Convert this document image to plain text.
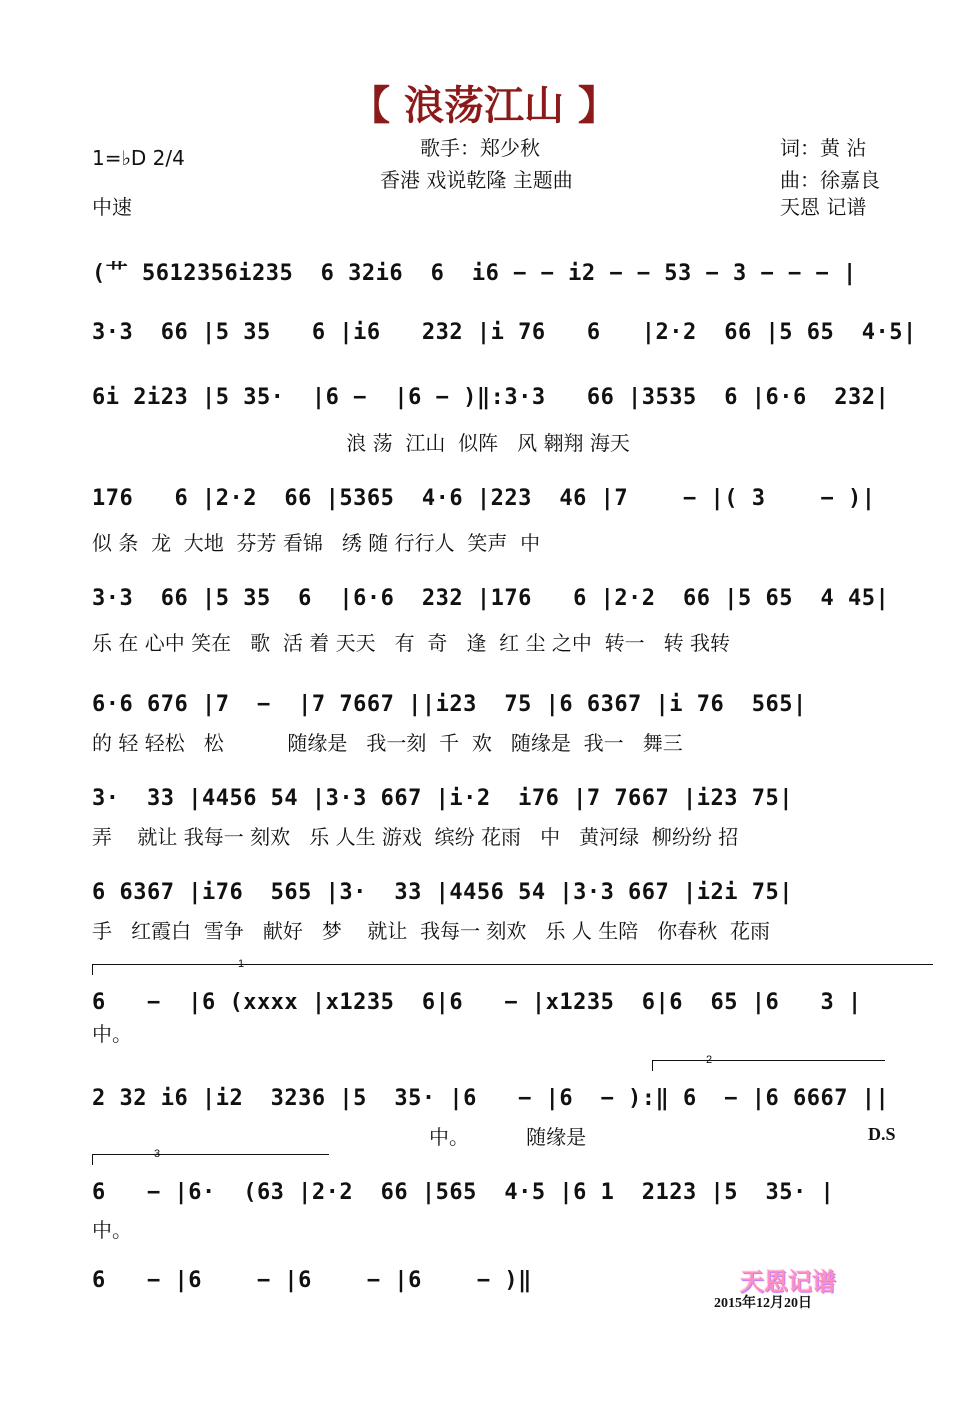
【 浪荡江山 】
1=♭D 2/4
中速
歌手：郑少秋
香港 戏说乾隆 主题曲
词：黄 沾
曲：徐嘉良
天恩 记谱
(艹 5612356i235  6 32i6  6  i6 − − i2 − − 53 − 3 − − − |
3·3  66 |5 35   6 |i6   232 |i 76   6   |2·2  66 |5 65  4·5|
6i 2i23 |5 35·  |6 −  |6 − )‖:3·3   66 |3535  6 |6·6  232|
浪 荡  江山  似阵   风 翱翔 海天
176   6 |2·2  66 |5365  4·6 |223  46 |7    − |( 3    − )|
似 条  龙  大地  芬芳 看锦   绣 随 行行人  笑声  中
3·3  66 |5 35  6  |6·6  232 |176   6 |2·2  66 |5 65  4 45|
乐 在 心中 笑在   歌  活 着 天天   有  奇   逢  红 尘 之中  转一   转 我转
6·6 676 |7  −  |7 7667 ||i23  75 |6 6367 |i 76  565|
的 轻 轻松   松          随缘是   我一刻  千  欢   随缘是  我一   舞三
3·  33 |4456 54 |3·3 667 |i·2  i76 |7 7667 |i23 75|
弄    就让 我每一 刻欢   乐 人生 游戏  缤纷 花雨   中   黄河绿  柳纷纷 招
6 6367 |i76  565 |3·  33 |4456 54 |3·3 667 |i2i 75|
手   红霞白  雪争   献好   梦    就让  我每一 刻欢   乐 人 生陪   你春秋  花雨
1
6   −  |6 (xxxx |x1235  6|6   − |x1235  6|6  65 |6   3 |
中。
2
2 32 i6 |i2  3236 |5  35· |6   − |6  − ):‖ 6  − |6 6667 ||
中。         随缘是	D.S
3
6   − |6·  (63 |2·2  66 |565  4·5 |6 1  2123 |5  35· |
中。
6   − |6    − |6    − |6    − )‖	天恩记谱
2015年12月20日
